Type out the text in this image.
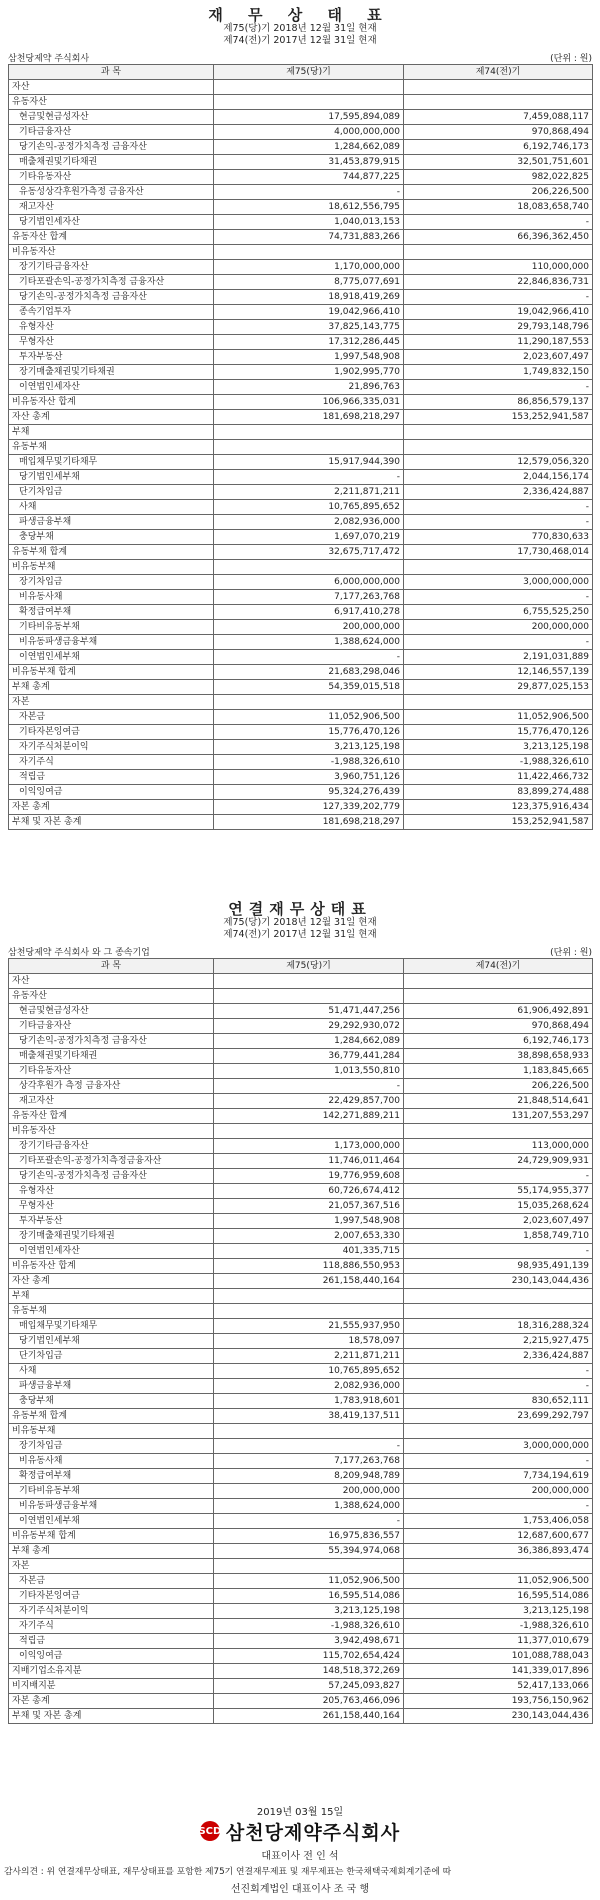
재 무 상 태 표
제75(당)기 2018년 12월 31일 현재
제74(전)기 2017년 12월 31일 현재
삼천당제약 주식회사	(단위 : 원)
과 목	제75(당)기	제74(전)기
자산		
유동자산		
현금및현금성자산	17,595,894,089	7,459,088,117
기타금융자산	4,000,000,000	970,868,494
당기손익-공정가치측정 금융자산	1,284,662,089	6,192,746,173
매출채권및기타채권	31,453,879,915	32,501,751,601
기타유동자산	744,877,225	982,022,825
유동성상각후원가측정 금융자산	-	206,226,500
재고자산	18,612,556,795	18,083,658,740
당기법인세자산	1,040,013,153	-
유동자산 합계	74,731,883,266	66,396,362,450
비유동자산		
장기기타금융자산	1,170,000,000	110,000,000
기타포괄손익-공정가치측정 금융자산	8,775,077,691	22,846,836,731
당기손익-공정가치측정 금융자산	18,918,419,269	-
종속기업투자	19,042,966,410	19,042,966,410
유형자산	37,825,143,775	29,793,148,796
무형자산	17,312,286,445	11,290,187,553
투자부동산	1,997,548,908	2,023,607,497
장기매출채권및기타채권	1,902,995,770	1,749,832,150
이연법인세자산	21,896,763	-
비유동자산 합계	106,966,335,031	86,856,579,137
자산 총계	181,698,218,297	153,252,941,587
부채		
유동부채		
매입채무및기타채무	15,917,944,390	12,579,056,320
당기법인세부채	-	2,044,156,174
단기차입금	2,211,871,211	2,336,424,887
사채	10,765,895,652	-
파생금융부채	2,082,936,000	-
충당부채	1,697,070,219	770,830,633
유동부채 합계	32,675,717,472	17,730,468,014
비유동부채		
장기차입금	6,000,000,000	3,000,000,000
비유동사채	7,177,263,768	-
확정급여부채	6,917,410,278	6,755,525,250
기타비유동부채	200,000,000	200,000,000
비유동파생금융부채	1,388,624,000	-
이연법인세부채	-	2,191,031,889
비유동부채 합계	21,683,298,046	12,146,557,139
부채 총계	54,359,015,518	29,877,025,153
자본		
자본금	11,052,906,500	11,052,906,500
기타자본잉여금	15,776,470,126	15,776,470,126
자기주식처분이익	3,213,125,198	3,213,125,198
자기주식	-1,988,326,610	-1,988,326,610
적립금	3,960,751,126	11,422,466,732
이익잉여금	95,324,276,439	83,899,274,488
자본 총계	127,339,202,779	123,375,916,434
부채 및 자본 총계	181,698,218,297	153,252,941,587
연결재무상태표
제75(당)기 2018년 12월 31일 현재
제74(전)기 2017년 12월 31일 현재
삼천당제약 주식회사 와 그 종속기업	(단위 : 원)
과 목	제75(당)기	제74(전)기
자산		
유동자산		
현금및현금성자산	51,471,447,256	61,906,492,891
기타금융자산	29,292,930,072	970,868,494
당기손익-공정가치측정 금융자산	1,284,662,089	6,192,746,173
매출채권및기타채권	36,779,441,284	38,898,658,933
기타유동자산	1,013,550,810	1,183,845,665
상각후원가 측정 금융자산	-	206,226,500
재고자산	22,429,857,700	21,848,514,641
유동자산 합계	142,271,889,211	131,207,553,297
비유동자산		
장기기타금융자산	1,173,000,000	113,000,000
기타포괄손익-공정가치측정금융자산	11,746,011,464	24,729,909,931
당기손익-공정가치측정 금융자산	19,776,959,608	-
유형자산	60,726,674,412	55,174,955,377
무형자산	21,057,367,516	15,035,268,624
투자부동산	1,997,548,908	2,023,607,497
장기매출채권및기타채권	2,007,653,330	1,858,749,710
이연법인세자산	401,335,715	-
비유동자산 합계	118,886,550,953	98,935,491,139
자산 총계	261,158,440,164	230,143,044,436
부채		
유동부채		
매입채무및기타채무	21,555,937,950	18,316,288,324
당기법인세부채	18,578,097	2,215,927,475
단기차입금	2,211,871,211	2,336,424,887
사채	10,765,895,652	-
파생금융부채	2,082,936,000	-
충당부채	1,783,918,601	830,652,111
유동부채 합계	38,419,137,511	23,699,292,797
비유동부채		
장기차입금	-	3,000,000,000
비유동사채	7,177,263,768	-
확정급여부채	8,209,948,789	7,734,194,619
기타비유동부채	200,000,000	200,000,000
비유동파생금융부채	1,388,624,000	-
이연법인세부채	-	1,753,406,058
비유동부채 합계	16,975,836,557	12,687,600,677
부채 총계	55,394,974,068	36,386,893,474
자본		
자본금	11,052,906,500	11,052,906,500
기타자본잉여금	16,595,514,086	16,595,514,086
자기주식처분이익	3,213,125,198	3,213,125,198
자기주식	-1,988,326,610	-1,988,326,610
적립금	3,942,498,671	11,377,010,679
이익잉여금	115,702,654,424	101,088,788,043
지배기업소유지분	148,518,372,269	141,339,017,896
비지배지분	57,245,093,827	52,417,133,066
자본 총계	205,763,466,096	193,756,150,962
부채 및 자본 총계	261,158,440,164	230,143,044,436
2019년 03월 15일
SCD 삼천당제약주식회사
대표이사 전 인 석
감사의견 : 위 연결재무상태표, 재무상태표를 포함한 제75기 연결재무제표 및 재무제표는 한국채택국제회계기준에 따
선진회계법인 대표이사 조 국 행
